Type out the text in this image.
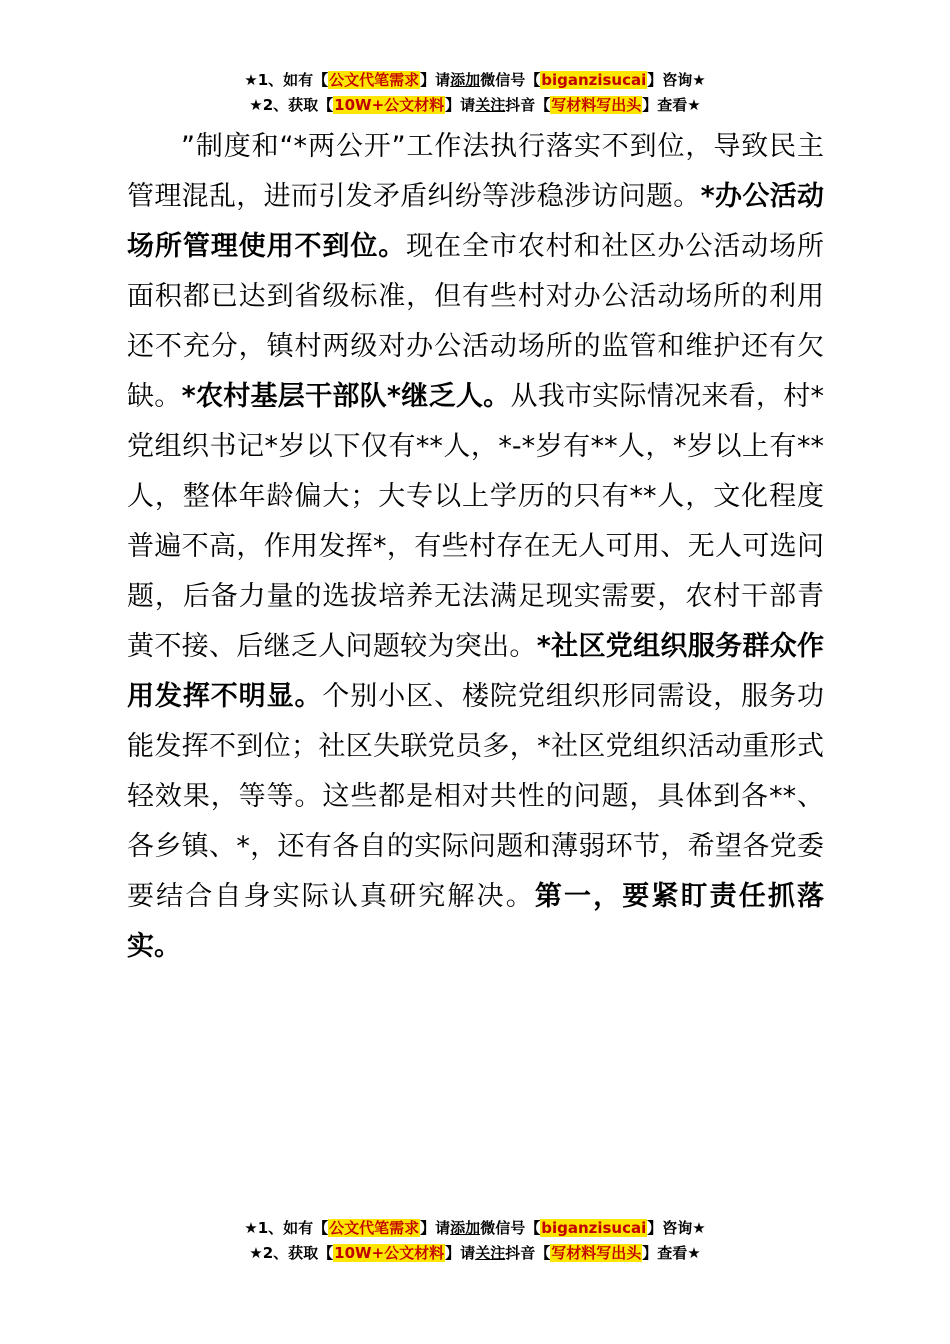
★1、如有【公文代笔需求】请添加微信号【biganzisucai】咨询★
★2、获取【10W+公文材料】请关注抖音【写材料写出头】查看★

”制度和“*两公开”工作法执行落实不到位，导致民主管理混乱，进而引发矛盾纠纷等涉稳涉访问题。*办公活动场所管理使用不到位。现在全市农村和社区办公活动场所面积都已达到省级标准，但有些村对办公活动场所的利用还不充分，镇村两级对办公活动场所的监管和维护还有欠缺。*农村基层干部队*继乏人。从我市实际情况来看，村*党组织书记*岁以下仅有**人，*-*岁有**人，*岁以上有**人，整体年龄偏大；大专以上学历的只有**人，文化程度普遍不高，作用发挥*，有些村存在无人可用、无人可选问题，后备力量的选拔培养无法满足现实需要，农村干部青黄不接、后继乏人问题较为突出。*社区党组织服务群众作用发挥不明显。个别小区、楼院党组织形同需设，服务功能发挥不到位；社区失联党员多，*社区党组织活动重形式轻效果，等等。这些都是相对共性的问题，具体到各**、各乡镇、*，还有各自的实际问题和薄弱环节，希望各党委要结合自身实际认真研究解决。第一，要紧盯责任抓落实。

★1、如有【公文代笔需求】请添加微信号【biganzisucai】咨询★
★2、获取【10W+公文材料】请关注抖音【写材料写出头】查看★
